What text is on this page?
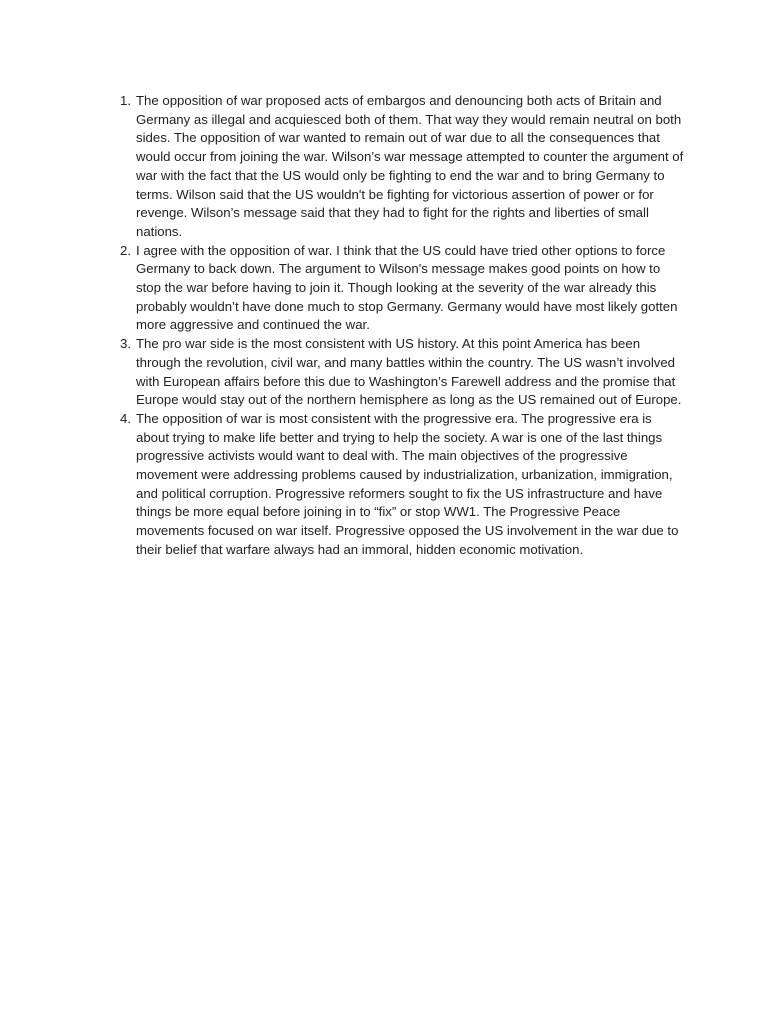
1. The opposition of war proposed acts of embargos and denouncing both acts of Britain and Germany as illegal and acquiesced both of them. That way they would remain neutral on both sides. The opposition of war wanted to remain out of war due to all the consequences that would occur from joining the war. Wilson’s war message attempted to counter the argument of war with the fact that the US would only be fighting to end the war and to bring Germany to terms. Wilson said that the US wouldn't be fighting for victorious assertion of power or for revenge. Wilson’s message said that they had to fight for the rights and liberties of small nations.
2. I agree with the opposition of war. I think that the US could have tried other options to force Germany to back down. The argument to Wilson's message makes good points on how to stop the war before having to join it. Though looking at the severity of the war already this probably wouldn’t have done much to stop Germany. Germany would have most likely gotten more aggressive and continued the war.
3. The pro war side is the most consistent with US history. At this point America has been through the revolution, civil war, and many battles within the country. The US wasn’t involved with European affairs before this due to Washington’s Farewell address and the promise that Europe would stay out of the northern hemisphere as long as the US remained out of Europe.
4. The opposition of war is most consistent with the progressive era. The progressive era is about trying to make life better and trying to help the society. A war is one of the last things progressive activists would want to deal with. The main objectives of the progressive movement were addressing problems caused by industrialization, urbanization, immigration, and political corruption. Progressive reformers sought to fix the US infrastructure and have things be more equal before joining in to “fix” or stop WW1. The Progressive Peace movements focused on war itself. Progressive opposed the US involvement in the war due to their belief that warfare always had an immoral, hidden economic motivation.
